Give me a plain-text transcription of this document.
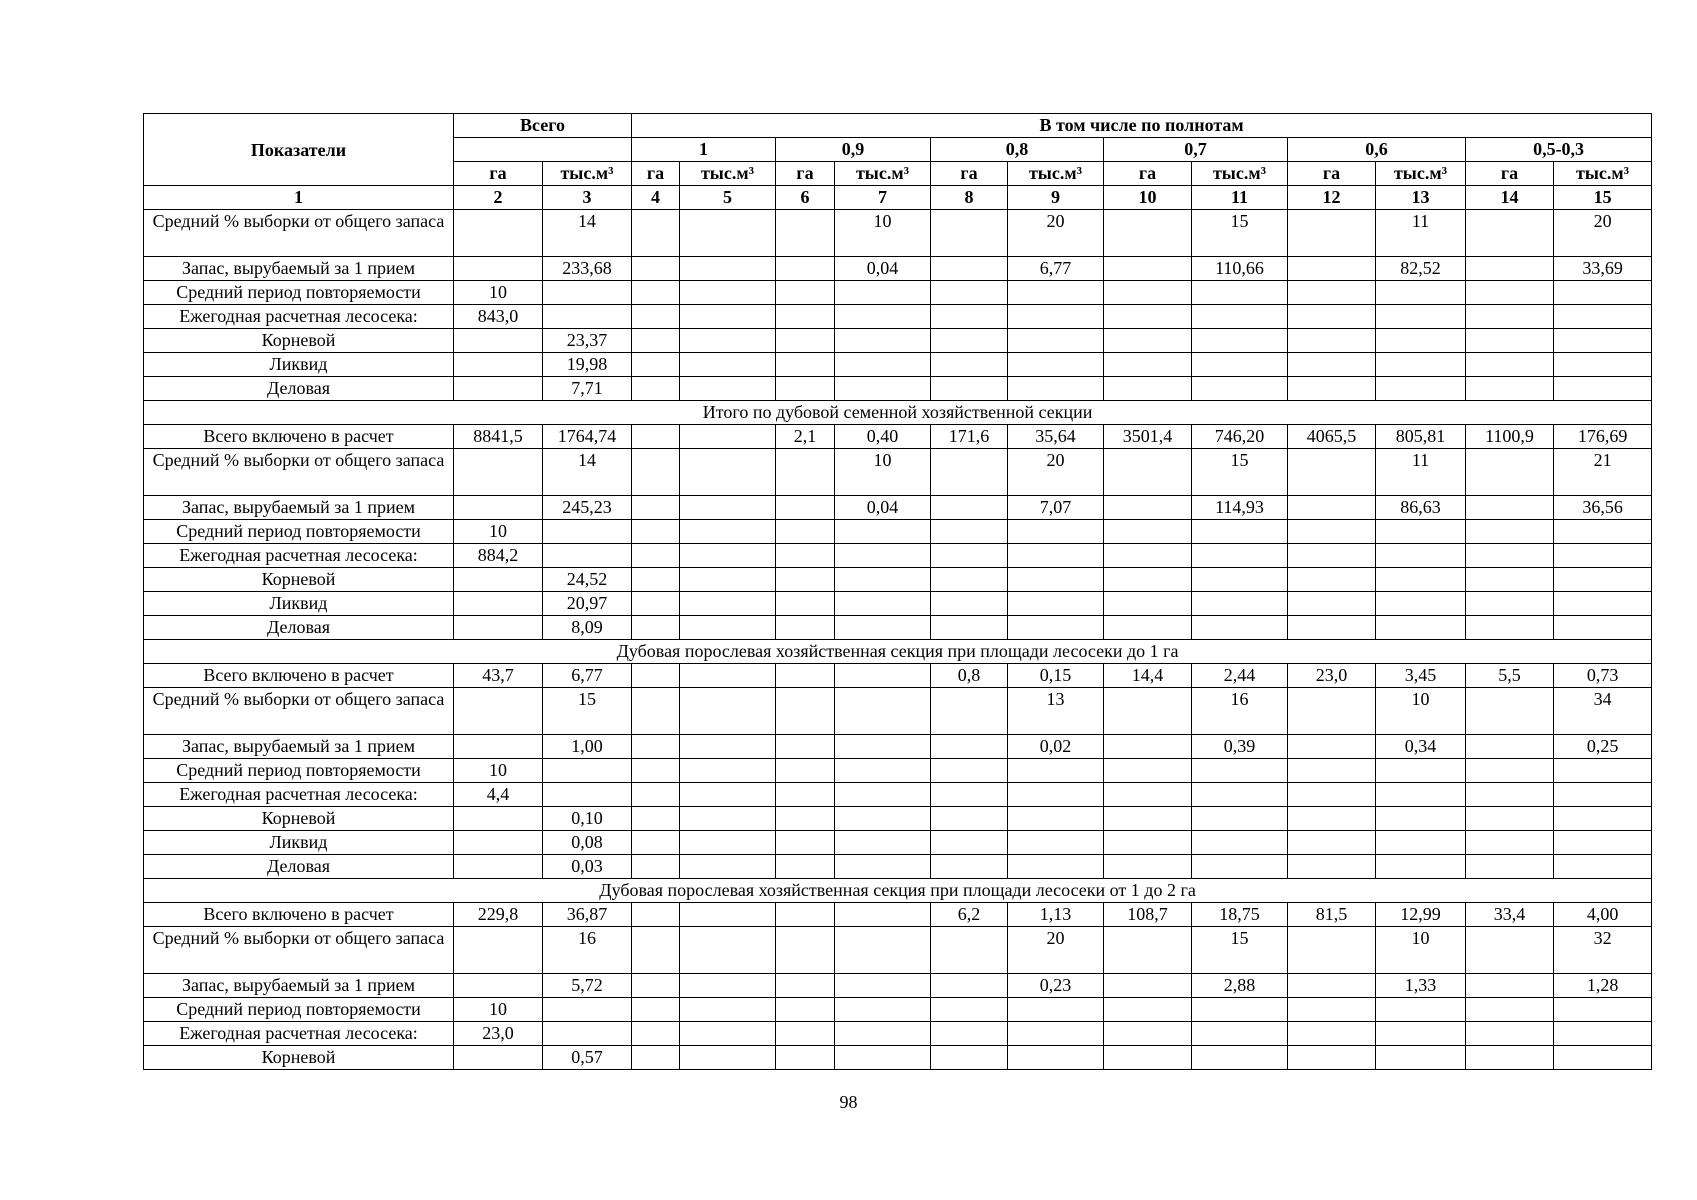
Показатели	Всего		В том числе по полнотам											
			1		0,9		0,8		0,7		0,6		0,5-0,3	
	га	тыс.м³	га	тыс.м³	га	тыс.м³	га	тыс.м³	га	тыс.м³	га	тыс.м³	га	тыс.м³
1	2	3	4	5	6	7	8	9	10	11	12	13	14	15
Средний % выборки от общего запаса		14				10		20		15		11		20
Запас, вырубаемый за 1 прием		233,68				0,04		6,77		110,66		82,52		33,69
Средний период повторяемости	10													
Ежегодная расчетная лесосека:	843,0													
Корневой		23,37												
Ликвид		19,98												
Деловая		7,71												
Итого по дубовой семенной хозяйственной секции														
Всего включено в расчет	8841,5	1764,74			2,1	0,40	171,6	35,64	3501,4	746,20	4065,5	805,81	1100,9	176,69
Средний % выборки от общего запаса		14				10		20		15		11		21
Запас, вырубаемый за 1 прием		245,23				0,04		7,07		114,93		86,63		36,56
Средний период повторяемости	10													
Ежегодная расчетная лесосека:	884,2													
Корневой		24,52												
Ликвид		20,97												
Деловая		8,09												
Дубовая порослевая хозяйственная секция при площади лесосеки до 1 га														
Всего включено в расчет	43,7	6,77					0,8	0,15	14,4	2,44	23,0	3,45	5,5	0,73
Средний % выборки от общего запаса		15						13		16		10		34
Запас, вырубаемый за 1 прием		1,00						0,02		0,39		0,34		0,25
Средний период повторяемости	10													
Ежегодная расчетная лесосека:	4,4													
Корневой		0,10												
Ликвид		0,08												
Деловая		0,03												
Дубовая порослевая хозяйственная секция при площади лесосеки от 1 до 2 га														
Всего включено в расчет	229,8	36,87					6,2	1,13	108,7	18,75	81,5	12,99	33,4	4,00
Средний % выборки от общего запаса		16						20		15		10		32
Запас, вырубаемый за 1 прием		5,72						0,23		2,88		1,33		1,28
Средний период повторяемости	10													
Ежегодная расчетная лесосека:	23,0													
Корневой		0,57												
98
